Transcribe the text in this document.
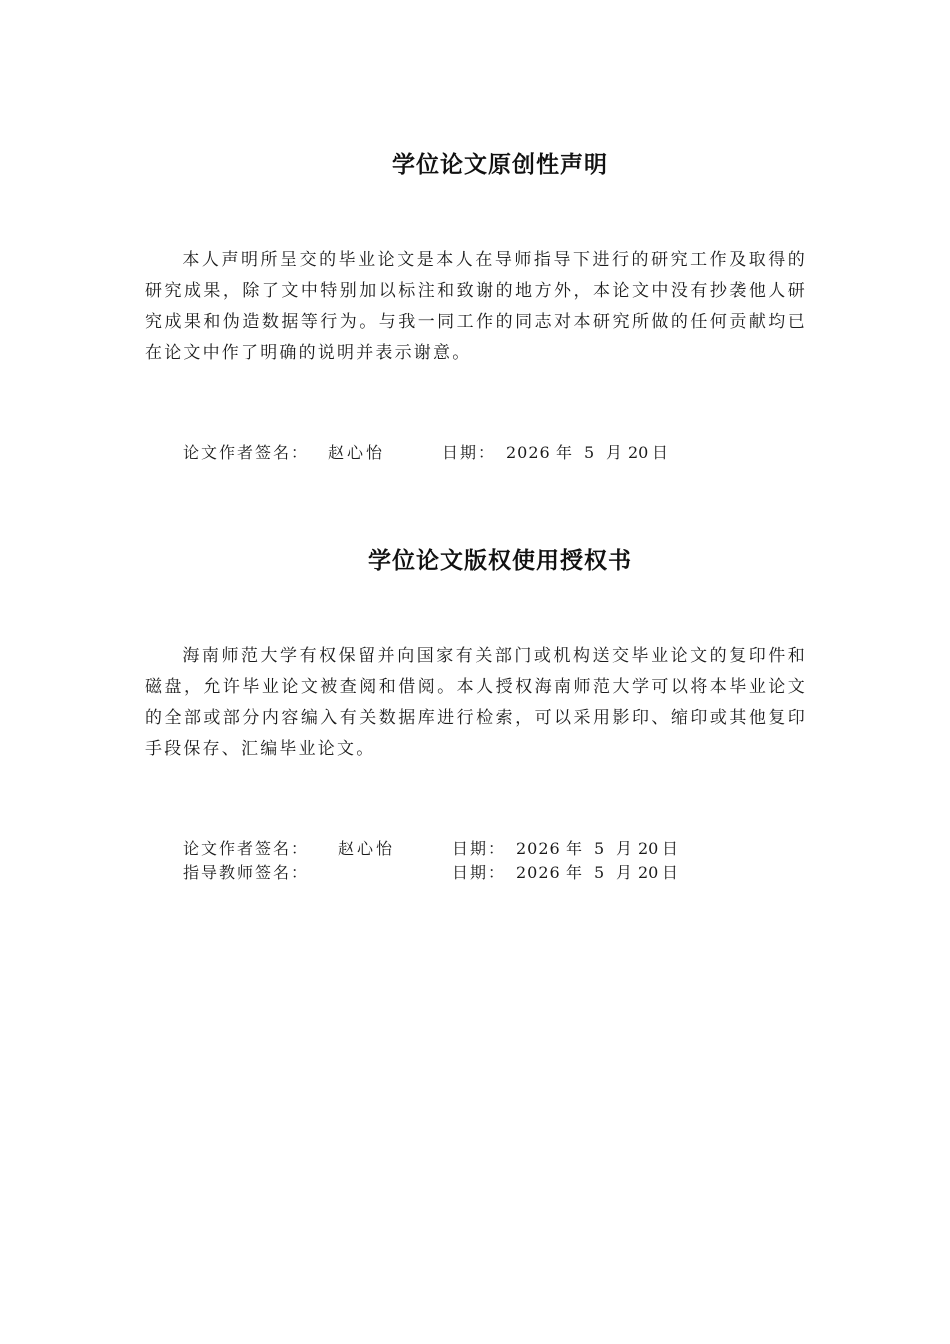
学位论文原创性声明
本人声明所呈交的毕业论文是本人在导师指导下进行的研究工作及取得的研究成果，除了文中特别加以标注和致谢的地方外，本论文中没有抄袭他人研究成果和伪造数据等行为。与我一同工作的同志对本研究所做的任何贡献均已在论文中作了明确的说明并表示谢意。
论文作者签名： 赵心怡	日期： 2026 年 5 月 20 日
学位论文版权使用授权书
海南师范大学有权保留并向国家有关部门或机构送交毕业论文的复印件和磁盘，允许毕业论文被查阅和借阅。本人授权海南师范大学可以将本毕业论文的全部或部分内容编入有关数据库进行检索，可以采用影印、缩印或其他复印手段保存、汇编毕业论文。
论文作者签名： 赵心怡	日期： 2026 年 5 月 20 日
指导教师签名：	日期： 2026 年 5 月 20 日
